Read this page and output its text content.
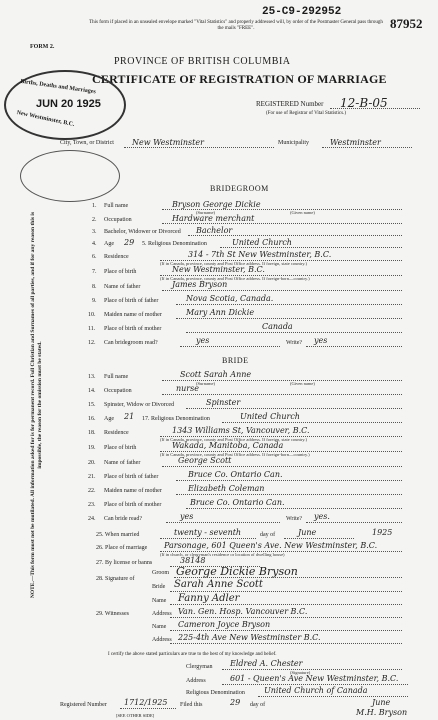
25-C9-292952
87952
This form if placed in an unsealed envelope marked "Vital Statistics" and properly addressed will, by order of the Postmaster General pass through the mails "FREE".
FORM 2.
PROVINCE OF BRITISH COLUMBIA
CERTIFICATE OF REGISTRATION OF MARRIAGE
Births, Deaths and Marriages
JUN 20 1925
New Westminster, B.C.
REGISTERED Number 12-B-05
(For use of Registrar of Vital Statistics.)
City, Town, or District New Westminster	Municipality	Westminster
NOTE.—This form must not be mutilated. All information asked for is for permanent record. Full Christian and Surnames of all parties, and if for any reason this is impossible, the reason for the omission must be stated.
BRIDEGROOM
1. Full name	Bryson George Dickie
(Surname)	(Given name)
2. Occupation	Hardware merchant
3. Bachelor, Widower or Divorced Bachelor
4. Age 29 5. Religious Denomination	United Church
6. Residence	314 - 7th St New Westminster, B.C.
(If in Canada, province, county and Post Office address. If foreign, state country.)
7. Place of birth	New Westminster, B.C.
(If in Canada, province, county and Post Office address. If foreign-born—country.)
8. Name of father	James Bryson
9. Place of birth of father	Nova Scotia, Canada.
10. Maiden name of mother	Mary Ann Dickie
11. Place of birth of mother	Canada
12. Can bridegroom read?	yes	Write? yes
BRIDE
13. Full name	Scott Sarah Anne
(Surname)	(Given name)
14. Occupation	nurse
15. Spinster, Widow or Divorced	Spinster
16. Age 21 17. Religious Denomination	United Church
18. Residence	1343 Williams St, Vancouver, B.C.
(If in Canada, province, county and Post Office address. If foreign, state country.)
19. Place of birth	Wakada, Manitoba, Canada
(If in Canada, province, county and Post Office address. If foreign-born—country.)
20. Name of father	George Scott
21. Place of birth of father	Bruce Co. Ontario Can.
22. Maiden name of mother	Elizabeth Coleman
23. Place of birth of mother	Bruce Co. Ontario Can.
24. Can bride read?	yes	Write? yes.
25. When married	twenty - seventh	day of	June	1925
26. Place of marriage Parsonage, 601 Queen's Ave. New Westminster, B.C.
(If in church, or clergyman's residence or location of dwelling house)
27. By license or banns	38148
28. Signature of
Groom George Dickie Bryson
Bride Sarah Anne Scott
Name Fanny Adler
29. Witnesses	Address Van. Gen. Hosp. Vancouver B.C.
Name Cameron Joyce Bryson
Address 225-4th Ave New Westminster B.C.
I certify the above stated particulars are true to the best of my knowledge and belief.
Clergyman Eldred A. Chester
(Signature)
Address	601 - Queen's Ave New Westminster, B.C.
Religious Denomination United Church of Canada
Registered Number 1712/1925 Filed this	29 day of	June
M.H. Bryson
[SEE OTHER SIDE]
